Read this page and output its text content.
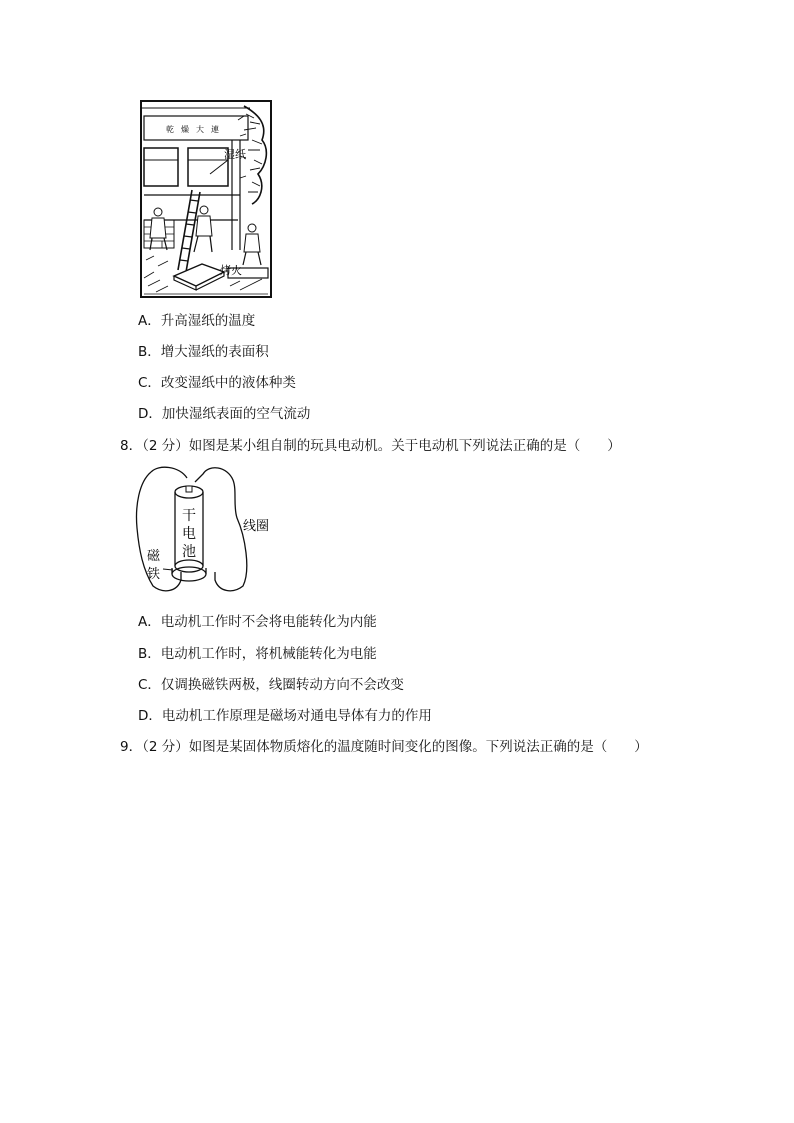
乾燥大連
湿纸
烤火
A．升高湿纸的温度
B．增大湿纸的表面积
C．改变湿纸中的液体种类
D．加快湿纸表面的空气流动
8．（2 分）如图是某小组自制的玩具电动机。关于电动机下列说法正确的是（　　）
干
电
池
线圈
磁
铁
A．电动机工作时不会将电能转化为内能
B．电动机工作时，将机械能转化为电能
C．仅调换磁铁两极，线圈转动方向不会改变
D．电动机工作原理是磁场对通电导体有力的作用
9．（2 分）如图是某固体物质熔化的温度随时间变化的图像。下列说法正确的是（　　）
